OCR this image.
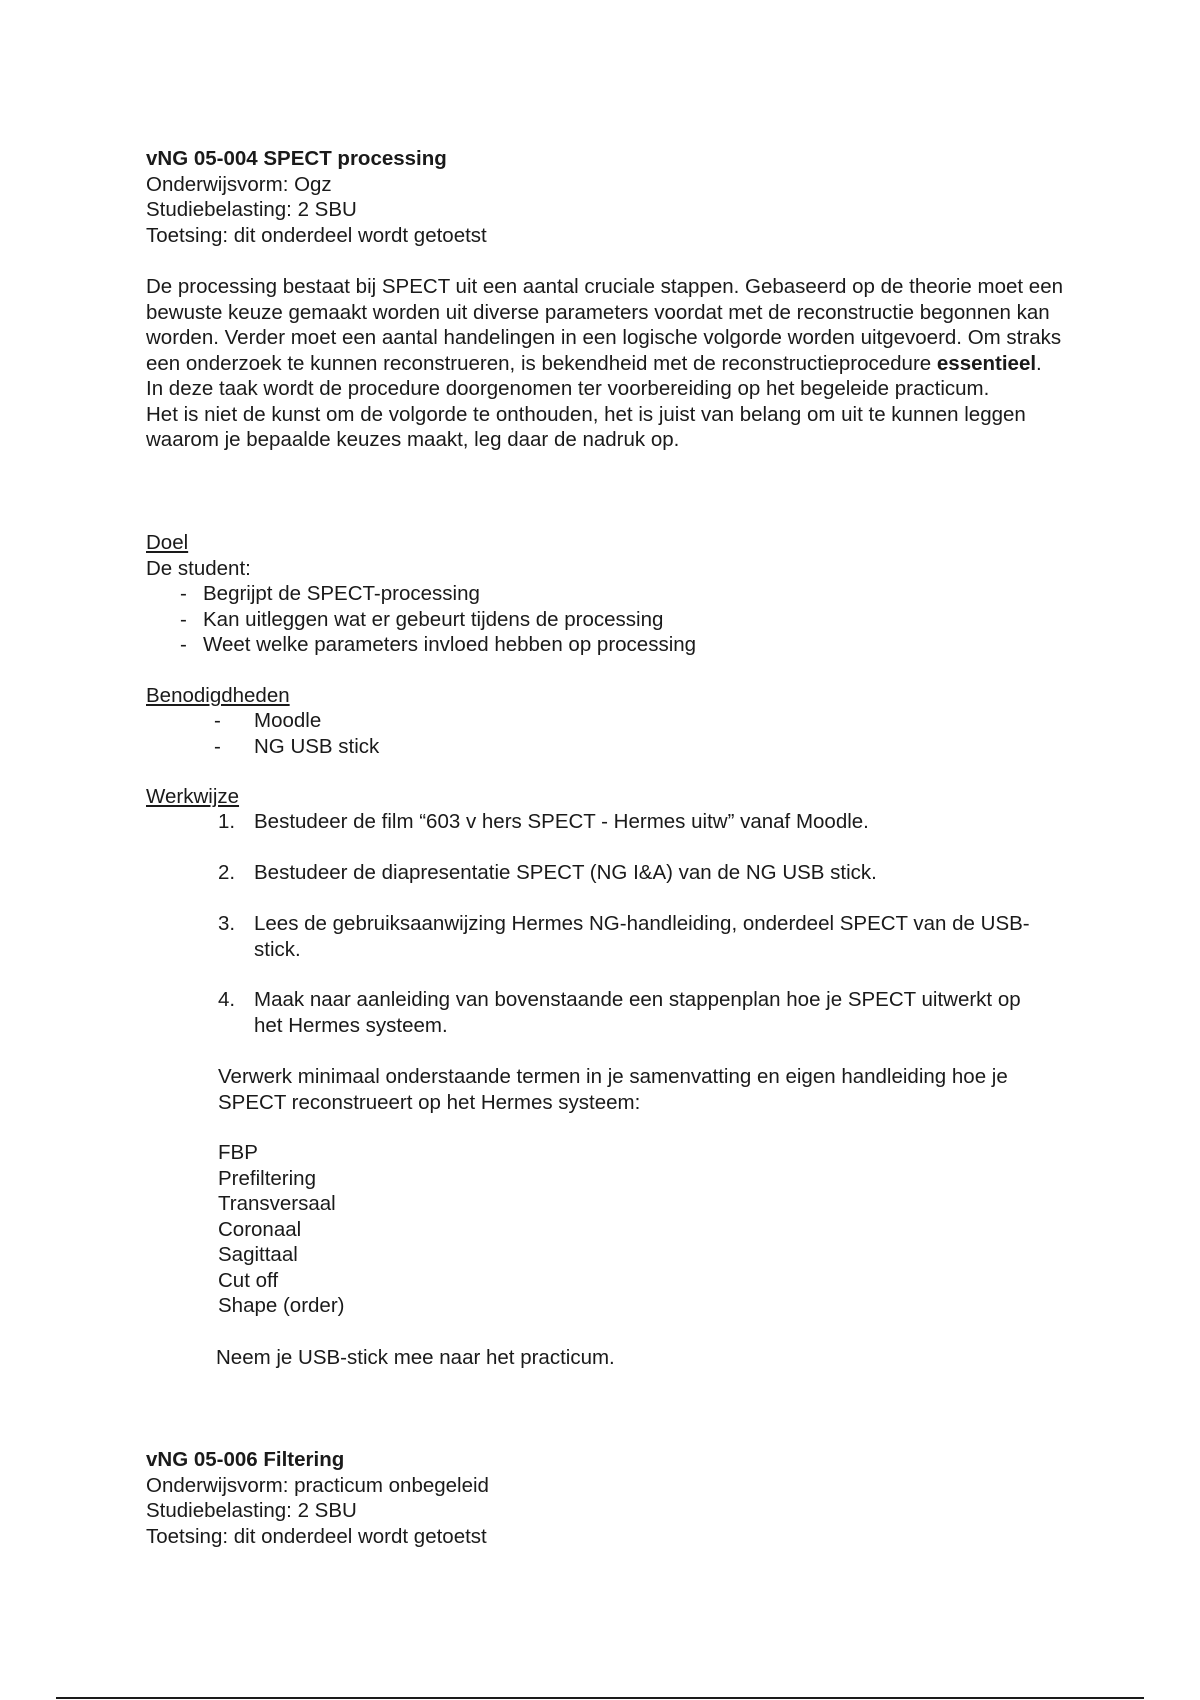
vNG 05-004 SPECT processing
Onderwijsvorm: Ogz
Studiebelasting: 2 SBU
Toetsing: dit onderdeel wordt getoetst
De processing bestaat bij SPECT uit een aantal cruciale stappen. Gebaseerd op de theorie moet een bewuste keuze gemaakt worden uit diverse parameters voordat met de reconstructie begonnen kan worden. Verder moet een aantal handelingen in een logische volgorde worden uitgevoerd. Om straks een onderzoek te kunnen reconstrueren, is bekendheid met de reconstructieprocedure essentieel.
In deze taak wordt de procedure doorgenomen ter voorbereiding op het begeleide practicum.
Het is niet de kunst om de volgorde te onthouden, het is juist van belang om uit te kunnen leggen waarom je bepaalde keuzes maakt, leg daar de nadruk op.
Doel
De student:
- Begrijpt de SPECT-processing
- Kan uitleggen wat er gebeurt tijdens de processing
- Weet welke parameters invloed hebben op processing
Benodigdheden
- Moodle
- NG USB stick
Werkwijze
1. Bestudeer de film “603 v hers SPECT - Hermes uitw” vanaf Moodle.
2. Bestudeer de diapresentatie SPECT (NG I&A) van de NG USB stick.
3. Lees de gebruiksaanwijzing Hermes NG-handleiding, onderdeel SPECT van de USB-stick.
4. Maak naar aanleiding van bovenstaande een stappenplan hoe je SPECT uitwerkt op het Hermes systeem.
Verwerk minimaal onderstaande termen in je samenvatting en eigen handleiding hoe je SPECT reconstrueert op het Hermes systeem:
FBP
Prefiltering
Transversaal
Coronaal
Sagittaal
Cut off
Shape (order)
Neem je USB-stick mee naar het practicum.
vNG 05-006 Filtering
Onderwijsvorm: practicum onbegeleid
Studiebelasting: 2 SBU
Toetsing: dit onderdeel wordt getoetst
